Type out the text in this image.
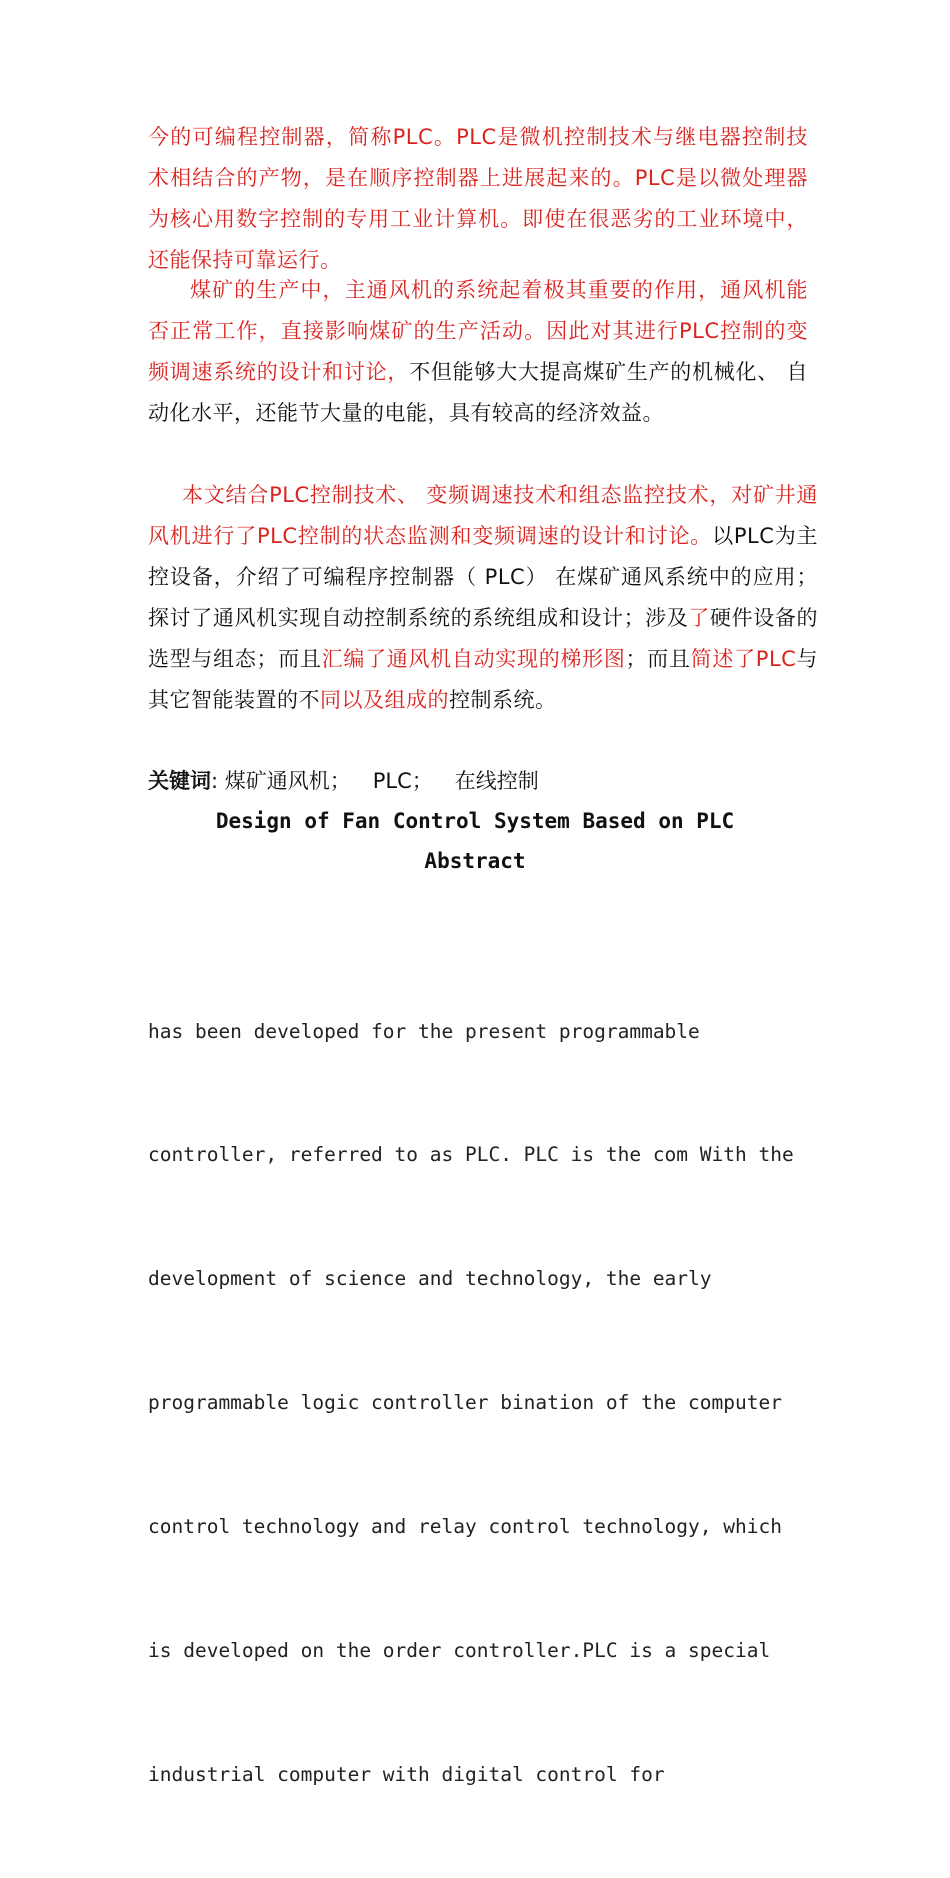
今的可编程控制器，简称PLC。PLC是微机控制技术与继电器控制技术相结合的产物，是在顺序控制器上进展起来的。PLC是以微处理器为核心用数字控制的专用工业计算机。即使在很恶劣的工业环境中，还能保持可靠运行。

煤矿的生产中，主通风机的系统起着极其重要的作用，通风机能否正常工作，直接影响煤矿的生产活动。因此对其进行PLC控制的变频调速系统的设计和讨论，不但能够大大提高煤矿生产的机械化、 自动化水平，还能节大量的电能，具有较高的经济效益。

本文结合PLC控制技术、 变频调速技术和组态监控技术，对矿井通风机进行了PLC控制的状态监测和变频调速的设计和讨论。以PLC为主控设备，介绍了可编程序控制器（ PLC） 在煤矿通风系统中的应用；探讨了通风机实现自动控制系统的系统组成和设计；涉及了硬件设备的选型与组态；而且汇编了通风机自动实现的梯形图；而且简述了PLC与其它智能装置的不同以及组成的控制系统。

关键词: 煤矿通风机； PLC； 在线控制

Design of Fan Control System Based on PLC

Abstract

has been developed for the present programmable

controller, referred to as PLC. PLC is the com With the

development of science and technology, the early

programmable logic controller bination of the computer

control technology and relay control technology, which

is developed on the order controller.PLC is a special

industrial computer with digital control for
